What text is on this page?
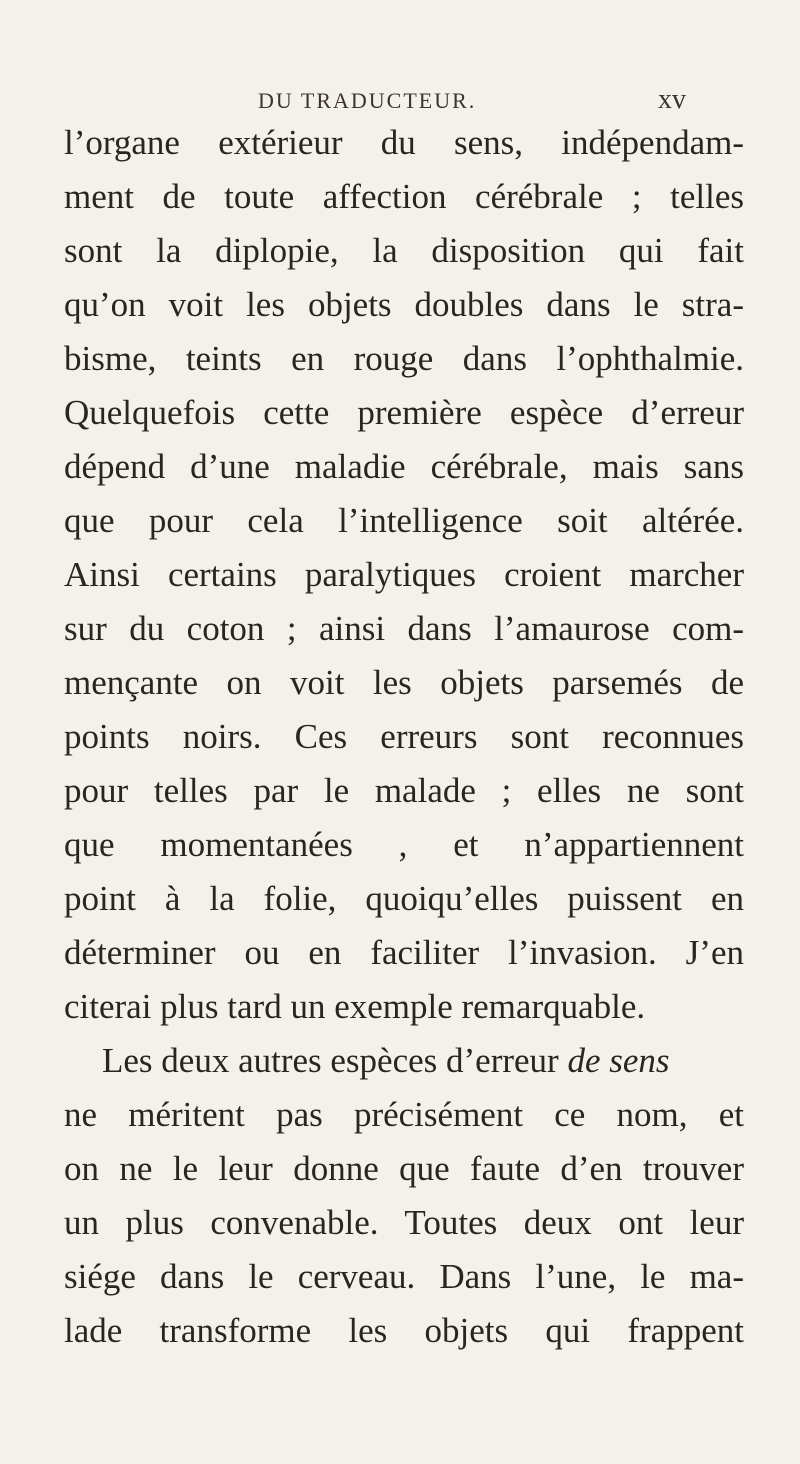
DU TRADUCTEUR.	xv
l’organe extérieur du sens, indépendam-
ment de toute affection cérébrale ; telles
sont la diplopie, la disposition qui fait
qu’on voit les objets doubles dans le stra-
bisme, teints en rouge dans l’ophthalmie.
Quelquefois cette première espèce d’erreur
dépend d’une maladie cérébrale, mais sans
que pour cela l’intelligence soit altérée.
Ainsi certains paralytiques croient marcher
sur du coton ; ainsi dans l’amaurose com-
mençante on voit les objets parsemés de
points noirs. Ces erreurs sont reconnues
pour telles par le malade ; elles ne sont
que momentanées , et n’appartiennent
point à la folie, quoiqu’elles puissent en
déterminer ou en faciliter l’invasion. J’en
citerai plus tard un exemple remarquable.
Les deux autres espèces d’erreur de sens
ne méritent pas précisément ce nom, et
on ne le leur donne que faute d’en trouver
un plus convenable. Toutes deux ont leur
siége dans le cerveau. Dans l’une, le ma-
lade transforme les objets qui frappent
